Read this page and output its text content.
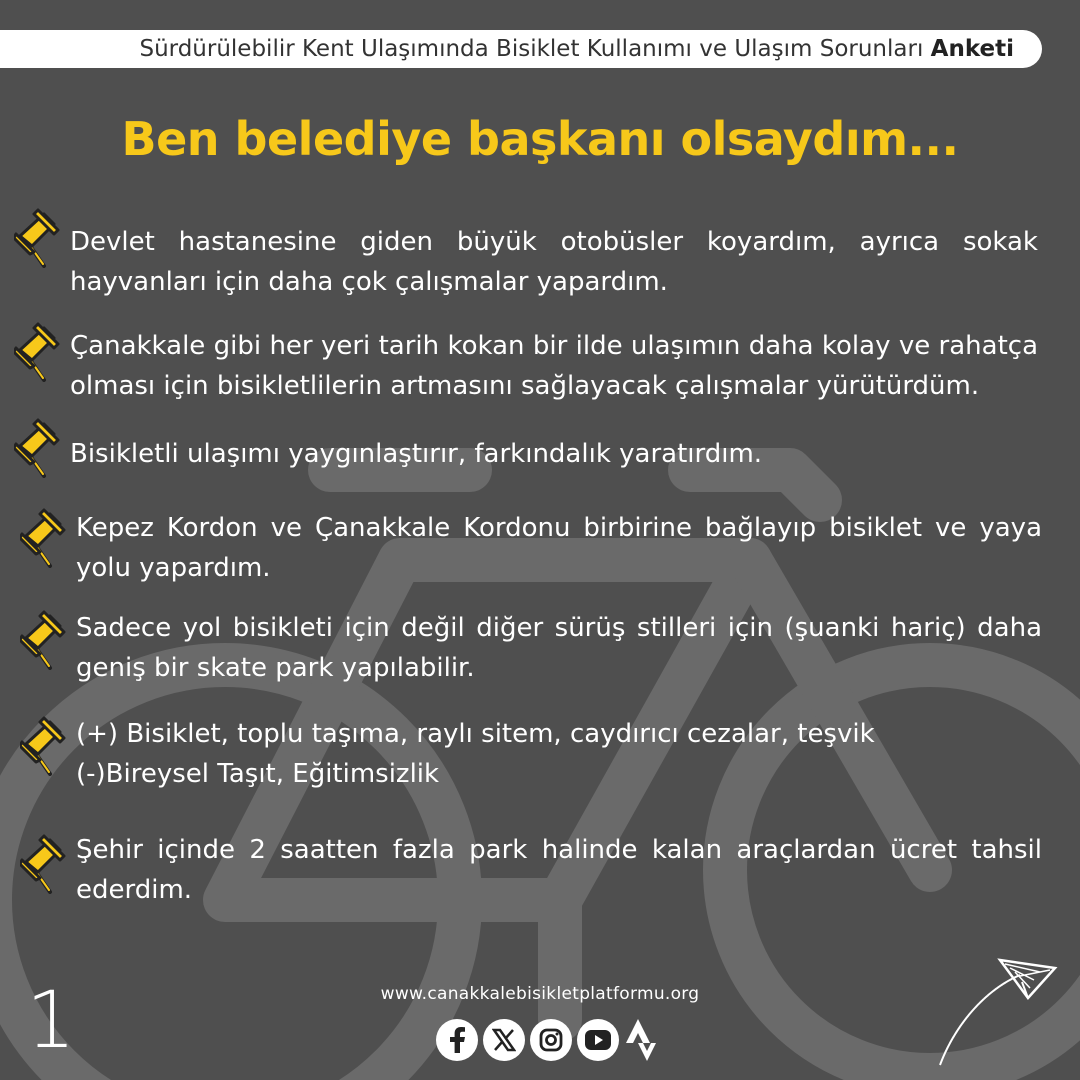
Sürdürülebilir Kent Ulaşımında Bisiklet Kullanımı ve Ulaşım Sorunları Anketi
Ben belediye başkanı olsaydım...
Devlet hastanesine giden büyük otobüsler koyardım, ayrıca sokak hayvanları için daha çok çalışmalar yapardım.
Çanakkale gibi her yeri tarih kokan bir ilde ulaşımın daha kolay ve rahatça olması için bisikletlilerin artmasını sağlayacak çalışmalar yürütürdüm.
Bisikletli ulaşımı yaygınlaştırır, farkındalık yaratırdım.
Kepez Kordon ve Çanakkale Kordonu birbirine bağlayıp bisiklet ve yaya yolu yapardım.
Sadece yol bisikleti için değil diğer sürüş stilleri için (şuanki hariç) daha geniş bir skate park yapılabilir.
(+) Bisiklet, toplu taşıma, raylı sitem, caydırıcı cezalar, teşvik
(-)Bireysel Taşıt, Eğitimsizlik
Şehir içinde 2 saatten fazla park halinde kalan araçlardan ücret tahsil ederdim.
1	www.canakkalebisikletplatformu.org
